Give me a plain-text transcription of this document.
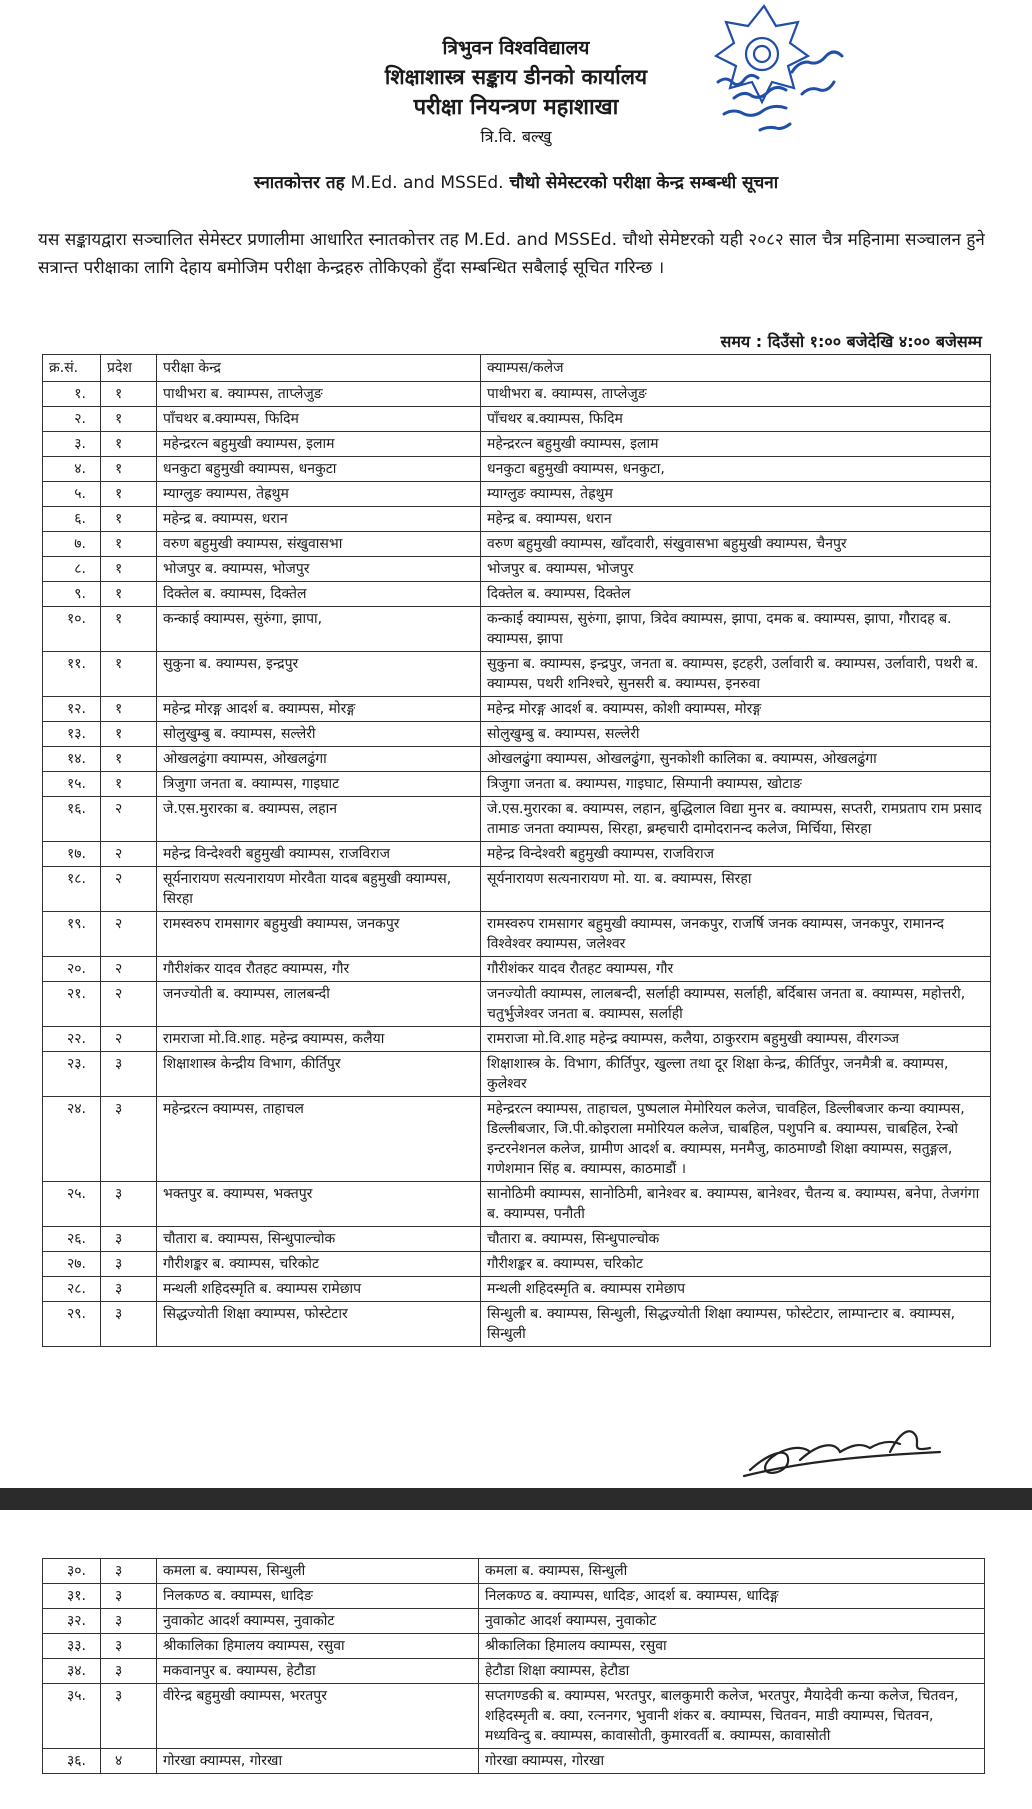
त्रिभुवन विश्वविद्यालय
शिक्षाशास्त्र सङ्काय डीनको कार्यालय
परीक्षा नियन्त्रण महाशाखा
त्रि.वि. बल्खु
स्नातकोत्तर तह M.Ed. and MSSEd. चौथो सेमेस्टरको परीक्षा केन्द्र सम्बन्धी सूचना
यस सङ्कायद्वारा सञ्चालित सेमेस्टर प्रणालीमा आधारित स्नातकोत्तर तह M.Ed. and MSSEd. चौथो सेमेष्टरको यही २०८२ साल चैत्र महिनामा सञ्चालन हुने सत्रान्त परीक्षाका लागि देहाय बमोजिम परीक्षा केन्द्रहरु तोकिएको हुँदा सम्बन्धित सबैलाई सूचित गरिन्छ ।
समय : दिउँसो १:०० बजेदेखि ४:०० बजेसम्म
क्र.सं.	प्रदेश	परीक्षा केन्द्र	क्याम्पस/कलेज
१.	१	पाथीभरा ब. क्याम्पस, ताप्लेजुङ	पाथीभरा ब. क्याम्पस, ताप्लेजुङ
२.	१	पाँचथर ब.क्याम्पस, फिदिम	पाँचथर ब.क्याम्पस, फिदिम
३.	१	महेन्द्ररत्न बहुमुखी क्याम्पस, इलाम	महेन्द्ररत्न बहुमुखी क्याम्पस, इलाम
४.	१	धनकुटा बहुमुखी क्याम्पस, धनकुटा	धनकुटा बहुमुखी क्याम्पस, धनकुटा,
५.	१	म्याग्लुङ क्याम्पस, तेह्रथुम	म्याग्लुङ क्याम्पस, तेह्रथुम
६.	१	महेन्द्र ब. क्याम्पस, धरान	महेन्द्र ब. क्याम्पस, धरान
७.	१	वरुण बहुमुखी क्याम्पस, संखुवासभा	वरुण बहुमुखी क्याम्पस, खाँदवारी, संखुवासभा बहुमुखी क्याम्पस, चैनपुर
८.	१	भोजपुर ब. क्याम्पस, भोजपुर	भोजपुर ब. क्याम्पस, भोजपुर
९.	१	दिक्तेल ब. क्याम्पस, दिक्तेल	दिक्तेल ब. क्याम्पस, दिक्तेल
१०.	१	कन्काई क्याम्पस, सुरुंगा, झापा,	कन्काई क्याम्पस, सुरुंगा, झापा, त्रिदेव क्याम्पस, झापा, दमक ब. क्याम्पस, झापा, गौरादह ब. क्याम्पस, झापा
११.	१	सुकुना ब. क्याम्पस, इन्द्रपुर	सुकुना ब. क्याम्पस, इन्द्रपुर, जनता ब. क्याम्पस, इटहरी, उर्लावारी ब. क्याम्पस, उर्लावारी, पथरी ब. क्याम्पस, पथरी शनिश्चरे, सुनसरी ब. क्याम्पस, इनरुवा
१२.	१	महेन्द्र मोरङ्ग आदर्श ब. क्याम्पस, मोरङ्ग	महेन्द्र मोरङ्ग आदर्श ब. क्याम्पस, कोशी क्याम्पस, मोरङ्ग
१३.	१	सोलुखुम्बु ब. क्याम्पस, सल्लेरी	सोलुखुम्बु ब. क्याम्पस, सल्लेरी
१४.	१	ओखलढुंगा क्याम्पस, ओखलढुंगा	ओखलढुंगा क्याम्पस, ओखलढुंगा, सुनकोशी कालिका ब. क्याम्पस, ओखलढुंगा
१५.	१	त्रिजुगा जनता ब. क्याम्पस, गाइघाट	त्रिजुगा जनता ब. क्याम्पस, गाइघाट, सिम्पानी क्याम्पस, खोटाङ
१६.	२	जे.एस.मुरारका ब. क्याम्पस, लहान	जे.एस.मुरारका ब. क्याम्पस, लहान, बुद्धिलाल विद्या मुनर ब. क्याम्पस, सप्तरी, रामप्रताप राम प्रसाद तामाङ जनता क्याम्पस, सिरहा, ब्रम्हचारी दामोदरानन्द कलेज, मिर्चिया, सिरहा
१७.	२	महेन्द्र विन्देश्वरी बहुमुखी क्याम्पस, राजविराज	महेन्द्र विन्देश्वरी बहुमुखी क्याम्पस, राजविराज
१८.	२	सूर्यनारायण सत्यनारायण मोरवैता यादब बहुमुखी क्याम्पस, सिरहा	सूर्यनारायण सत्यनारायण मो. या. ब. क्याम्पस, सिरहा
१९.	२	रामस्वरुप रामसागर बहुमुखी क्याम्पस, जनकपुर	रामस्वरुप रामसागर बहुमुखी क्याम्पस, जनकपुर, राजर्षि जनक क्याम्पस, जनकपुर, रामानन्द विश्वेश्वर क्याम्पस, जलेश्वर
२०.	२	गौरीशंकर यादव रौतहट क्याम्पस, गौर	गौरीशंकर यादव रौतहट क्याम्पस, गौर
२१.	२	जनज्योती ब. क्याम्पस, लालबन्दी	जनज्योती क्याम्पस, लालबन्दी, सर्लाही क्याम्पस, सर्लाही, बर्दिबास जनता ब. क्याम्पस, महोत्तरी, चतुर्भुजेश्वर जनता ब. क्याम्पस, सर्लाही
२२.	२	रामराजा मो.वि.शाह. महेन्द्र क्याम्पस, कलैया	रामराजा मो.वि.शाह महेन्द्र क्याम्पस, कलैया, ठाकुरराम बहुमुखी क्याम्पस, वीरगञ्ज
२३.	३	शिक्षाशास्त्र केन्द्रीय विभाग, कीर्तिपुर	शिक्षाशास्त्र के. विभाग, कीर्तिपुर, खुल्ला तथा दूर शिक्षा केन्द्र, कीर्तिपुर, जनमैत्री ब. क्याम्पस, कुलेश्वर
२४.	३	महेन्द्ररत्न क्याम्पस, ताहाचल	महेन्द्ररत्न क्याम्पस, ताहाचल, पुष्पलाल मेमोरियल कलेज, चावहिल, डिल्लीबजार कन्या क्याम्पस, डिल्लीबजार, जि.पी.कोइराला ममोरियल कलेज, चाबहिल, पशुपनि ब. क्याम्पस, चाबहिल, रेन्बो इन्टरनेशनल कलेज, ग्रामीण आदर्श ब. क्याम्पस, मनमैजु, काठमाण्डौ शिक्षा क्याम्पस, सतुङ्गल, गणेशमान सिंह ब. क्याम्पस, काठमाडौं ।
२५.	३	भक्तपुर ब. क्याम्पस, भक्तपुर	सानोठिमी क्याम्पस, सानोठिमी, बानेश्वर ब. क्याम्पस, बानेश्वर, चैतन्य ब. क्याम्पस, बनेपा, तेजगंगा ब. क्याम्पस, पनौती
२६.	३	चौतारा ब. क्याम्पस, सिन्धुपाल्चोक	चौतारा ब. क्याम्पस, सिन्धुपाल्चोक
२७.	३	गौरीशङ्कर ब. क्याम्पस, चरिकोट	गौरीशङ्कर ब. क्याम्पस, चरिकोट
२८.	३	मन्थली शहिदस्मृति ब. क्याम्पस रामेछाप	मन्थली शहिदस्मृति ब. क्याम्पस रामेछाप
२९.	३	सिद्धज्योती शिक्षा क्याम्पस, फोस्टेटार	सिन्धुली ब. क्याम्पस, सिन्धुली, सिद्धज्योती शिक्षा क्याम्पस, फोस्टेटार, लाम्पान्टार ब. क्याम्पस, सिन्धुली
३०.	३	कमला ब. क्याम्पस, सिन्धुली	कमला ब. क्याम्पस, सिन्धुली
३१.	३	निलकण्ठ ब. क्याम्पस, धादिङ	निलकण्ठ ब. क्याम्पस, धादिङ, आदर्श ब. क्याम्पस, धादिङ्ग
३२.	३	नुवाकोट आदर्श क्याम्पस, नुवाकोट	नुवाकोट आदर्श क्याम्पस, नुवाकोट
३३.	३	श्रीकालिका हिमालय क्याम्पस, रसुवा	श्रीकालिका हिमालय क्याम्पस, रसुवा
३४.	३	मकवानपुर ब. क्याम्पस, हेटौडा	हेटौडा शिक्षा क्याम्पस, हेटौडा
३५.	३	वीरेन्द्र बहुमुखी क्याम्पस, भरतपुर	सप्तगण्डकी ब. क्याम्पस, भरतपुर, बालकुमारी कलेज, भरतपुर, मैयादेवी कन्या कलेज, चितवन, शहिदस्मृती ब. क्या, रत्ननगर, भुवानी शंकर ब. क्याम्पस, चितवन, माडी क्याम्पस, चितवन, मध्यविन्दु ब. क्याम्पस, कावासोती, कुमारवर्ती ब. क्याम्पस, कावासोती
३६.	४	गोरखा क्याम्पस, गोरखा	गोरखा क्याम्पस, गोरखा
